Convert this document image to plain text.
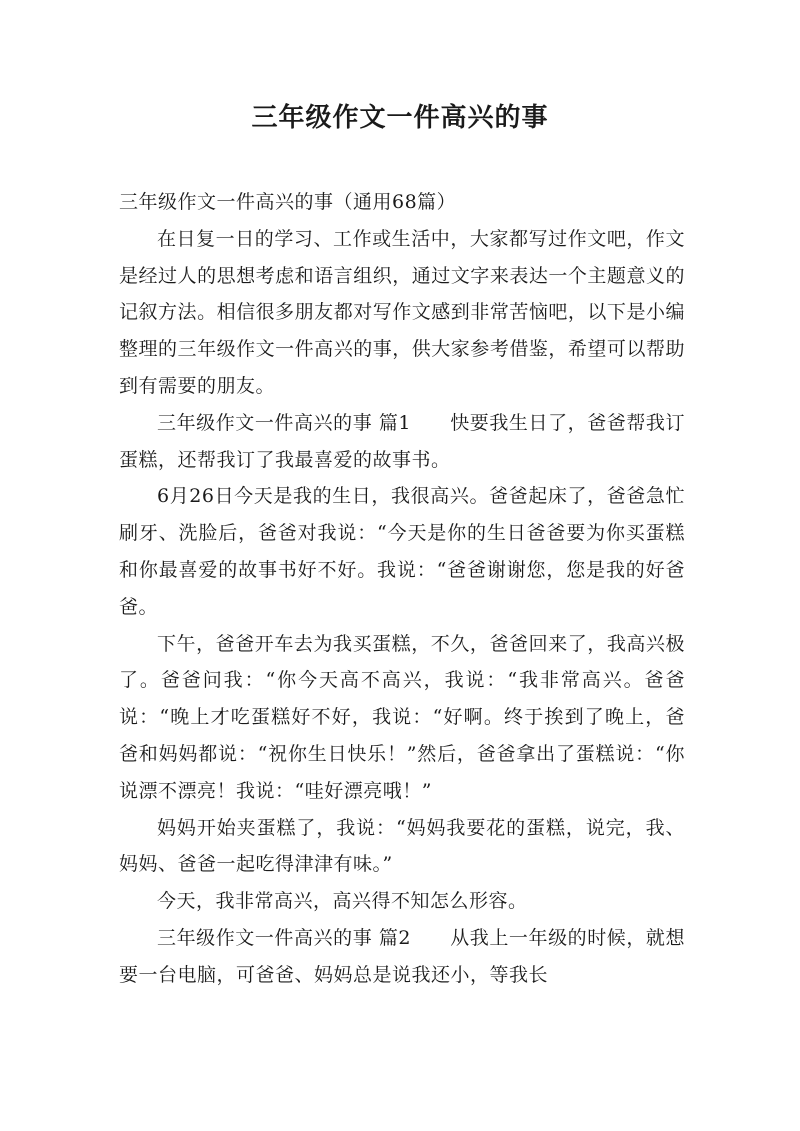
三年级作文一件高兴的事

三年级作文一件高兴的事（通用68篇）

在日复一日的学习、工作或生活中，大家都写过作文吧，作文是经过人的思想考虑和语言组织，通过文字来表达一个主题意义的记叙方法。相信很多朋友都对写作文感到非常苦恼吧，以下是小编整理的三年级作文一件高兴的事，供大家参考借鉴，希望可以帮助到有需要的朋友。

三年级作文一件高兴的事 篇1　　快要我生日了，爸爸帮我订蛋糕，还帮我订了我最喜爱的故事书。

6月26日今天是我的生日，我很高兴。爸爸起床了，爸爸急忙刷牙、洗脸后，爸爸对我说：“今天是你的生日爸爸要为你买蛋糕和你最喜爱的故事书好不好。我说：“爸爸谢谢您，您是我的好爸爸。

下午，爸爸开车去为我买蛋糕，不久，爸爸回来了，我高兴极了。爸爸问我：“你今天高不高兴，我说：“我非常高兴。爸爸说：“晚上才吃蛋糕好不好，我说：“好啊。终于挨到了晚上，爸爸和妈妈都说：“祝你生日快乐！”然后，爸爸拿出了蛋糕说：“你说漂不漂亮！我说：“哇好漂亮哦！”

妈妈开始夹蛋糕了，我说：“妈妈我要花的蛋糕，说完，我、妈妈、爸爸一起吃得津津有味。”

今天，我非常高兴，高兴得不知怎么形容。

三年级作文一件高兴的事 篇2　　从我上一年级的时候，就想要一台电脑，可爸爸、妈妈总是说我还小，等我长
